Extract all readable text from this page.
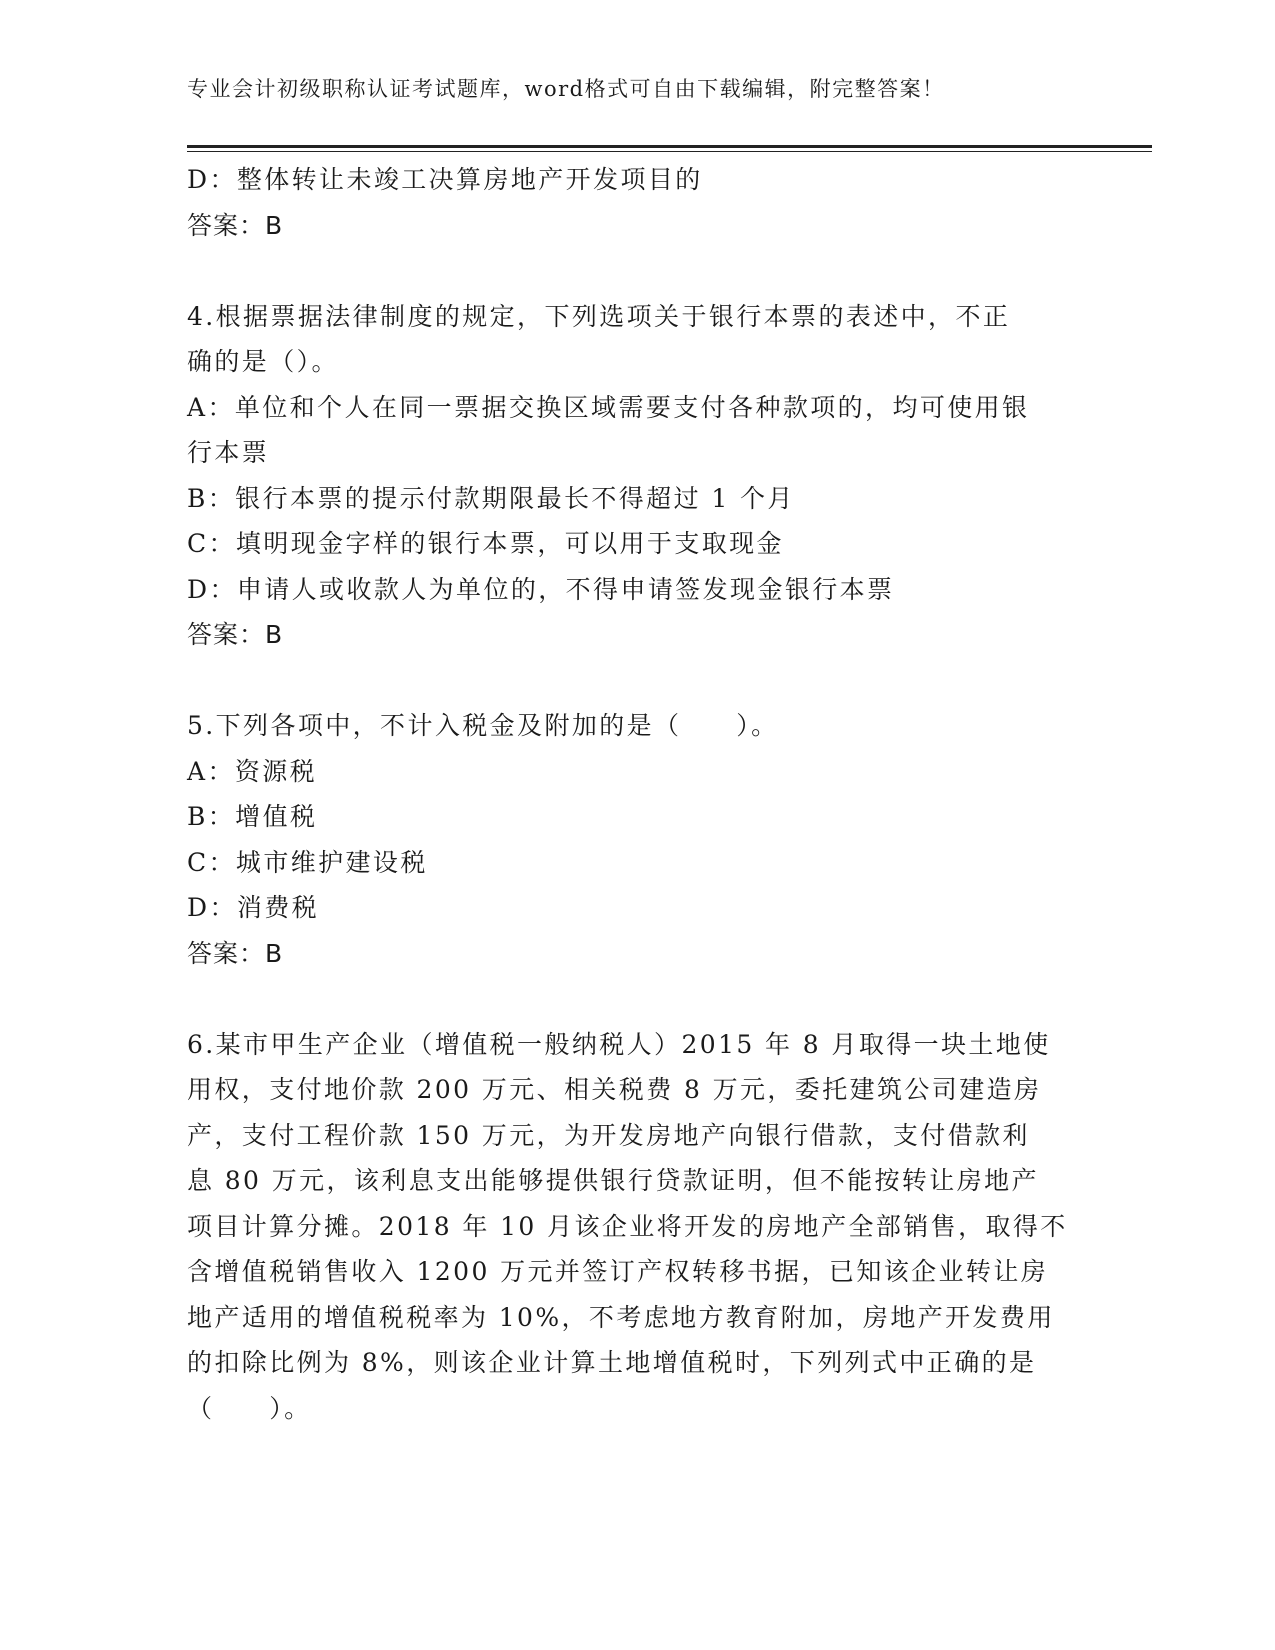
专业会计初级职称认证考试题库，word格式可自由下载编辑，附完整答案！

D：整体转让未竣工决算房地产开发项目的

答案：B

4.根据票据法律制度的规定，下列选项关于银行本票的表述中，不正

确的是（）。

A：单位和个人在同一票据交换区域需要支付各种款项的，均可使用银

行本票

B：银行本票的提示付款期限最长不得超过 1 个月

C：填明现金字样的银行本票，可以用于支取现金

D：申请人或收款人为单位的，不得申请签发现金银行本票

答案：B

5.下列各项中，不计入税金及附加的是（　　）。

A：资源税

B：增值税

C：城市维护建设税

D：消费税

答案：B

6.某市甲生产企业（增值税一般纳税人）2015 年 8 月取得一块土地使

用权，支付地价款 200 万元、相关税费 8 万元，委托建筑公司建造房

产，支付工程价款 150 万元，为开发房地产向银行借款，支付借款利

息 80 万元，该利息支出能够提供银行贷款证明，但不能按转让房地产

项目计算分摊。2018 年 10 月该企业将开发的房地产全部销售，取得不

含增值税销售收入 1200 万元并签订产权转移书据，已知该企业转让房

地产适用的增值税税率为 10%，不考虑地方教育附加，房地产开发费用

的扣除比例为 8%，则该企业计算土地增值税时，下列列式中正确的是

（　　）。
